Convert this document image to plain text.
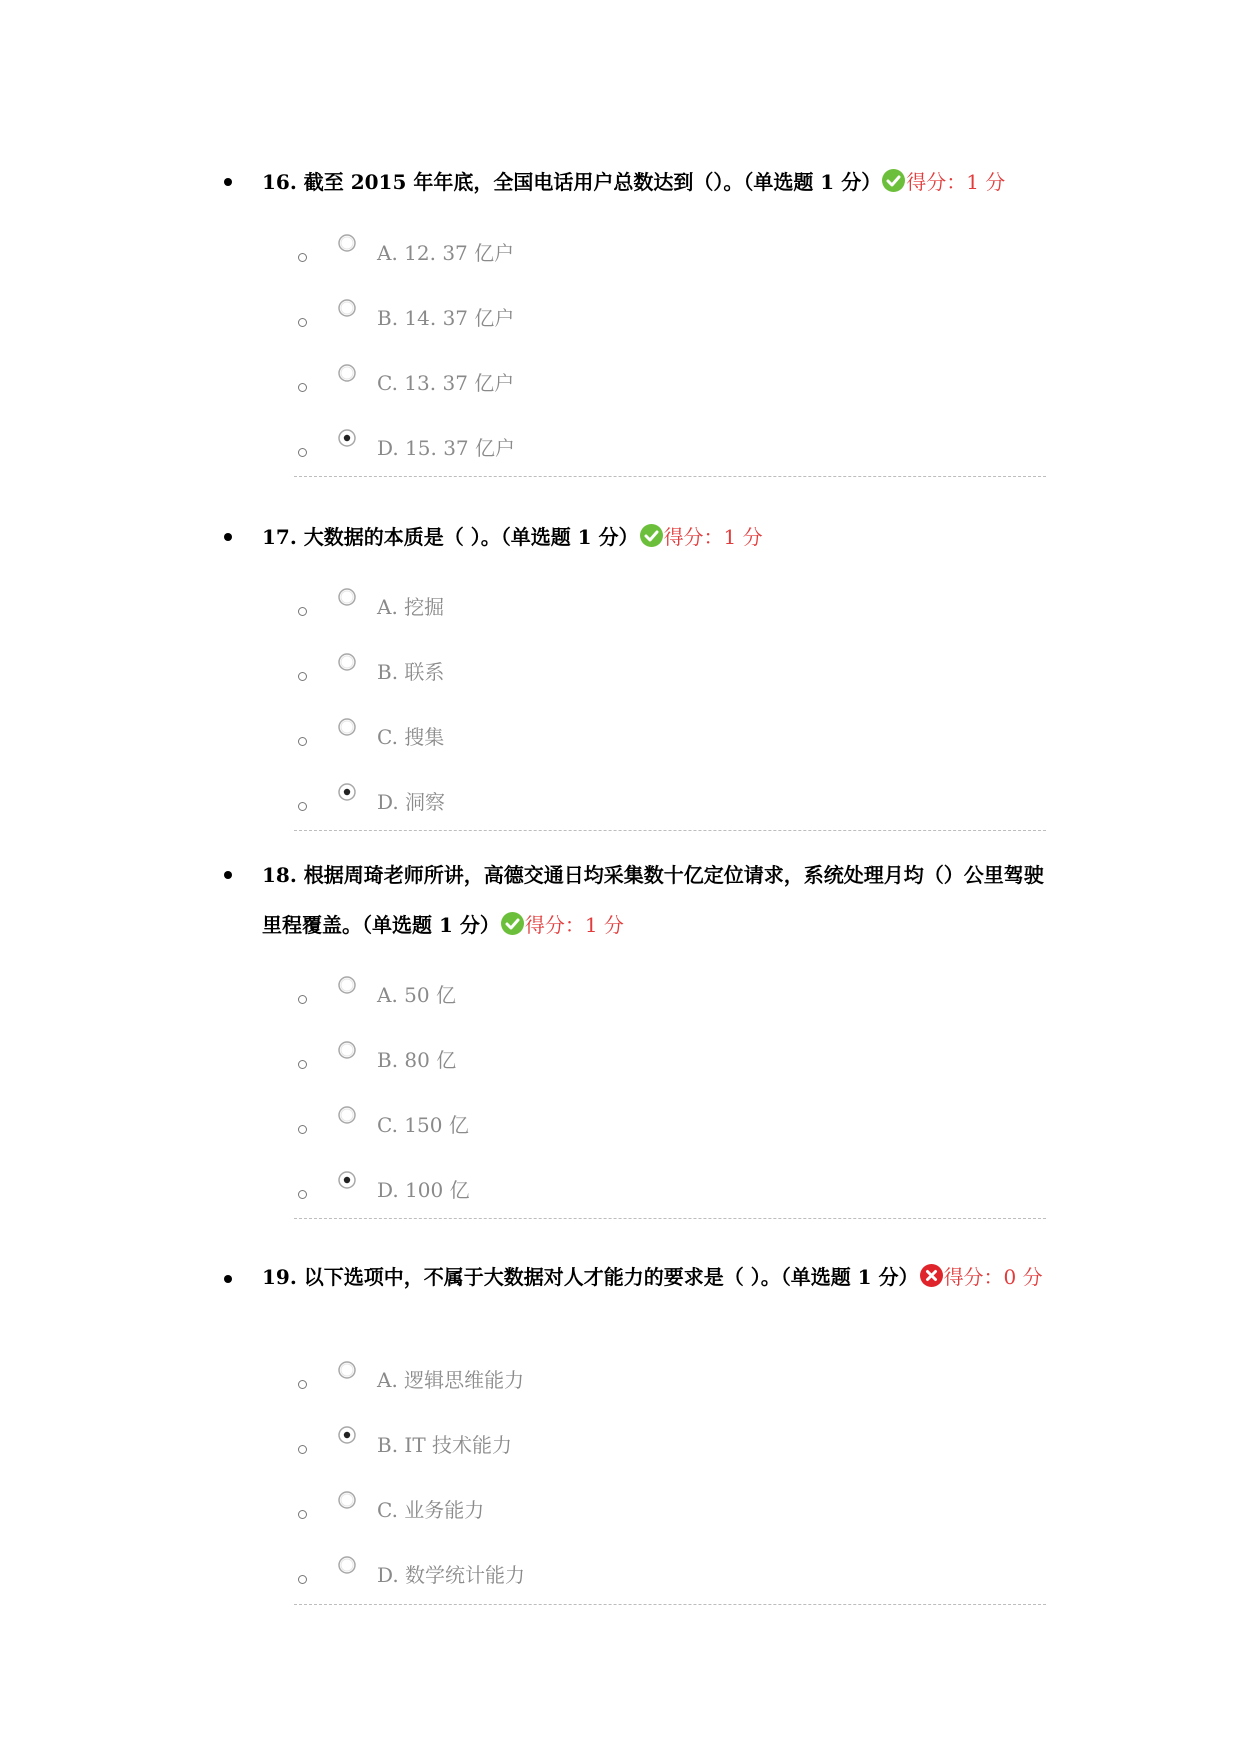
16. 截至 2015 年年底，全国电话用户总数达到（）。（单选题 1 分） 得分：1 分
A. 12. 37 亿户
B. 14. 37 亿户
C. 13. 37 亿户
D. 15. 37 亿户
17. 大数据的本质是（ ）。（单选题 1 分） 得分：1 分
A. 挖掘
B. 联系
C. 搜集
D. 洞察
18. 根据周琦老师所讲，高德交通日均采集数十亿定位请求，系统处理月均（）公里驾驶里程覆盖。（单选题 1 分） 得分：1 分
A. 50 亿
B. 80 亿
C. 150 亿
D. 100 亿
19. 以下选项中，不属于大数据对人才能力的要求是（ ）。（单选题 1 分） 得分：0 分
A. 逻辑思维能力
B. IT 技术能力
C. 业务能力
D. 数学统计能力
